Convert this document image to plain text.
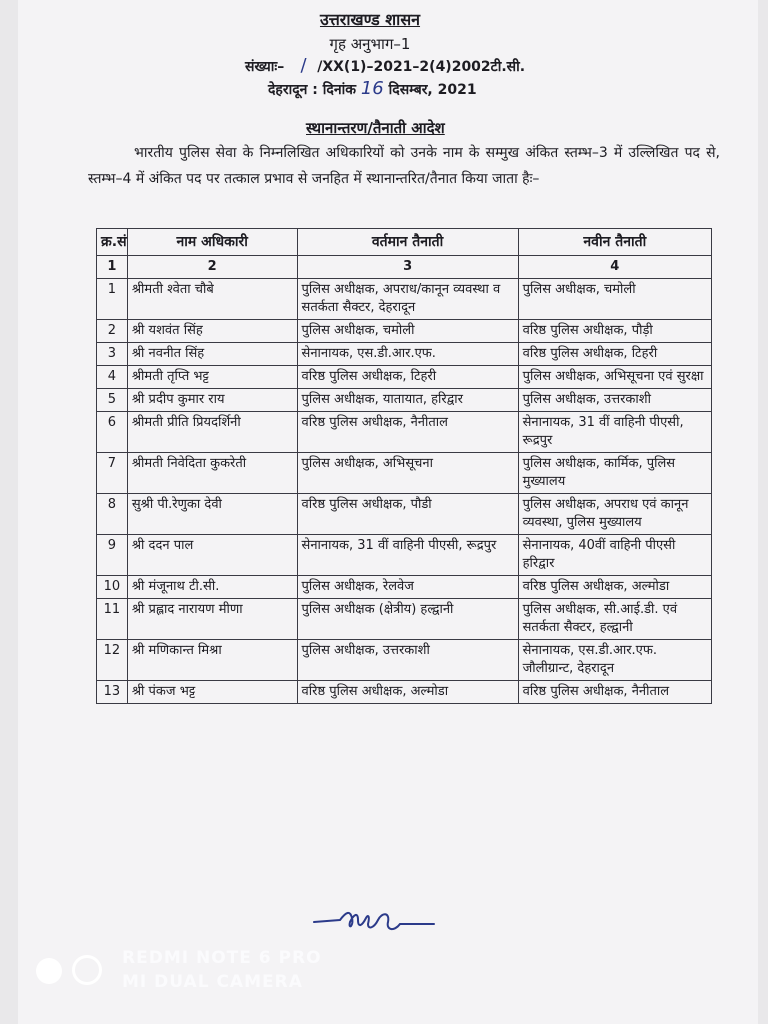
उत्तराखण्ड शासन
गृह अनुभाग–1
संख्याः–   /  /XX(1)–2021–2(4)2002टी.सी.
देहरादून : दिनांक 16 दिसम्बर, 2021
स्थानान्तरण/तैनाती आदेश
भारतीय पुलिस सेवा के निम्नलिखित अधिकारियों को उनके नाम के सम्मुख अंकित स्तम्भ–3 में उल्लिखित पद से, स्तम्भ–4 में अंकित पद पर तत्काल प्रभाव से जनहित में स्थानान्तरित/तैनात किया जाता हैः–
क्र.सं	नाम अधिकारी	वर्तमान तैनाती	नवीन तैनाती
1	2	3	4
1	श्रीमती श्वेता चौबे	पुलिस अधीक्षक, अपराध/कानून व्यवस्था व सतर्कता सैक्टर, देहरादून	पुलिस अधीक्षक, चमोली
2	श्री यशवंत सिंह	पुलिस अधीक्षक, चमोली	वरिष्ठ पुलिस अधीक्षक, पौड़ी
3	श्री नवनीत सिंह	सेनानायक, एस.डी.आर.एफ.	वरिष्ठ पुलिस अधीक्षक, टिहरी
4	श्रीमती तृप्ति भट्ट	वरिष्ठ पुलिस अधीक्षक, टिहरी	पुलिस अधीक्षक, अभिसूचना एवं सुरक्षा
5	श्री प्रदीप कुमार राय	पुलिस अधीक्षक, यातायात, हरिद्वार	पुलिस अधीक्षक, उत्तरकाशी
6	श्रीमती प्रीति प्रियदर्शिनी	वरिष्ठ पुलिस अधीक्षक, नैनीताल	सेनानायक, 31 वीं वाहिनी पीएसी, रूद्रपुर
7	श्रीमती निवेदिता कुकरेती	पुलिस अधीक्षक, अभिसूचना	पुलिस अधीक्षक, कार्मिक, पुलिस मुख्यालय
8	सुश्री पी.रेणुका देवी	वरिष्ठ पुलिस अधीक्षक, पौडी	पुलिस अधीक्षक, अपराध एवं कानून व्यवस्था, पुलिस मुख्यालय
9	श्री ददन पाल	सेनानायक, 31 वीं वाहिनी पीएसी, रूद्रपुर	सेनानायक, 40वीं वाहिनी पीएसी हरिद्वार
10	श्री मंजूनाथ टी.सी.	पुलिस अधीक्षक, रेलवेज	वरिष्ठ पुलिस अधीक्षक, अल्मोडा
11	श्री प्रह्लाद नारायण मीणा	पुलिस अधीक्षक (क्षेत्रीय) हल्द्वानी	पुलिस अधीक्षक, सी.आई.डी. एवं सतर्कता सैक्टर, हल्द्वानी
12	श्री मणिकान्त मिश्रा	पुलिस अधीक्षक, उत्तरकाशी	सेनानायक, एस.डी.आर.एफ. जौलीग्रान्ट, देहरादून
13	श्री पंकज भट्ट	वरिष्ठ पुलिस अधीक्षक, अल्मोडा	वरिष्ठ पुलिस अधीक्षक, नैनीताल
REDMI NOTE 6 PRO
MI DUAL CAMERA
